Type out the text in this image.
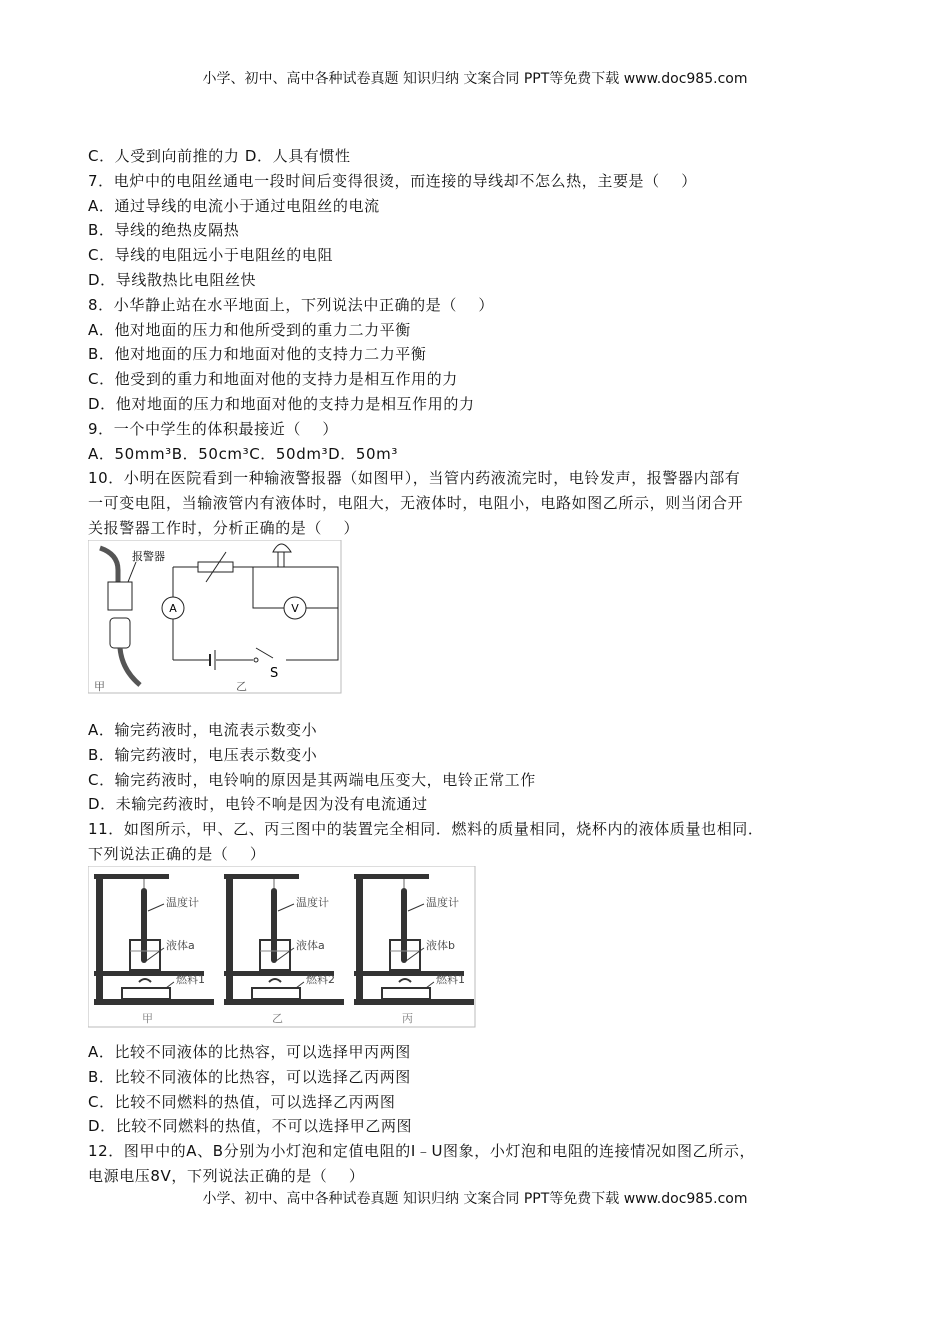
小学、初中、高中各种试卷真题 知识归纳 文案合同 PPT等免费下载 www.doc985.com
C．人受到向前推的力 D．人具有惯性
7．电炉中的电阻丝通电一段时间后变得很烫，而连接的导线却不怎么热，主要是（    ）
A．通过导线的电流小于通过电阻丝的电流
B．导线的绝热皮隔热
C．导线的电阻远小于电阻丝的电阻
D．导线散热比电阻丝快
8．小华静止站在水平地面上，下列说法中正确的是（    ）
A．他对地面的压力和他所受到的重力二力平衡
B．他对地面的压力和地面对他的支持力二力平衡
C．他受到的重力和地面对他的支持力是相互作用的力
D．他对地面的压力和地面对他的支持力是相互作用的力
9．一个中学生的体积最接近（    ）
A．50mm³B．50cm³C．50dm³D．50m³
10．小明在医院看到一种输液警报器（如图甲），当管内药液流完时，电铃发声，报警器内部有
一可变电阻，当输液管内有液体时，电阻大，无液体时，电阻小，电路如图乙所示，则当闭合开
关报警器工作时，分析正确的是（    ）
A．输完药液时，电流表示数变小
B．输完药液时，电压表示数变小
C．输完药液时，电铃响的原因是其两端电压变大，电铃正常工作
D．未输完药液时，电铃不响是因为没有电流通过
11．如图所示，甲、乙、丙三图中的装置完全相同．燃料的质量相同，烧杯内的液体质量也相同．
下列说法正确的是（    ）
A．比较不同液体的比热容，可以选择甲丙两图
B．比较不同液体的比热容，可以选择乙丙两图
C．比较不同燃料的热值，可以选择乙丙两图
D．比较不同燃料的热值，不可以选择甲乙两图
12．图甲中的A、B分别为小灯泡和定值电阻的I﹣U图象，小灯泡和电阻的连接情况如图乙所示，
电源电压8V，下列说法正确的是（    ）
报警器
甲
A	V
S
乙
温度计
液体a
燃料1
甲
温度计
液体a
燃料2
乙
温度计
液体b
燃料1
丙
小学、初中、高中各种试卷真题 知识归纳 文案合同 PPT等免费下载 www.doc985.com
